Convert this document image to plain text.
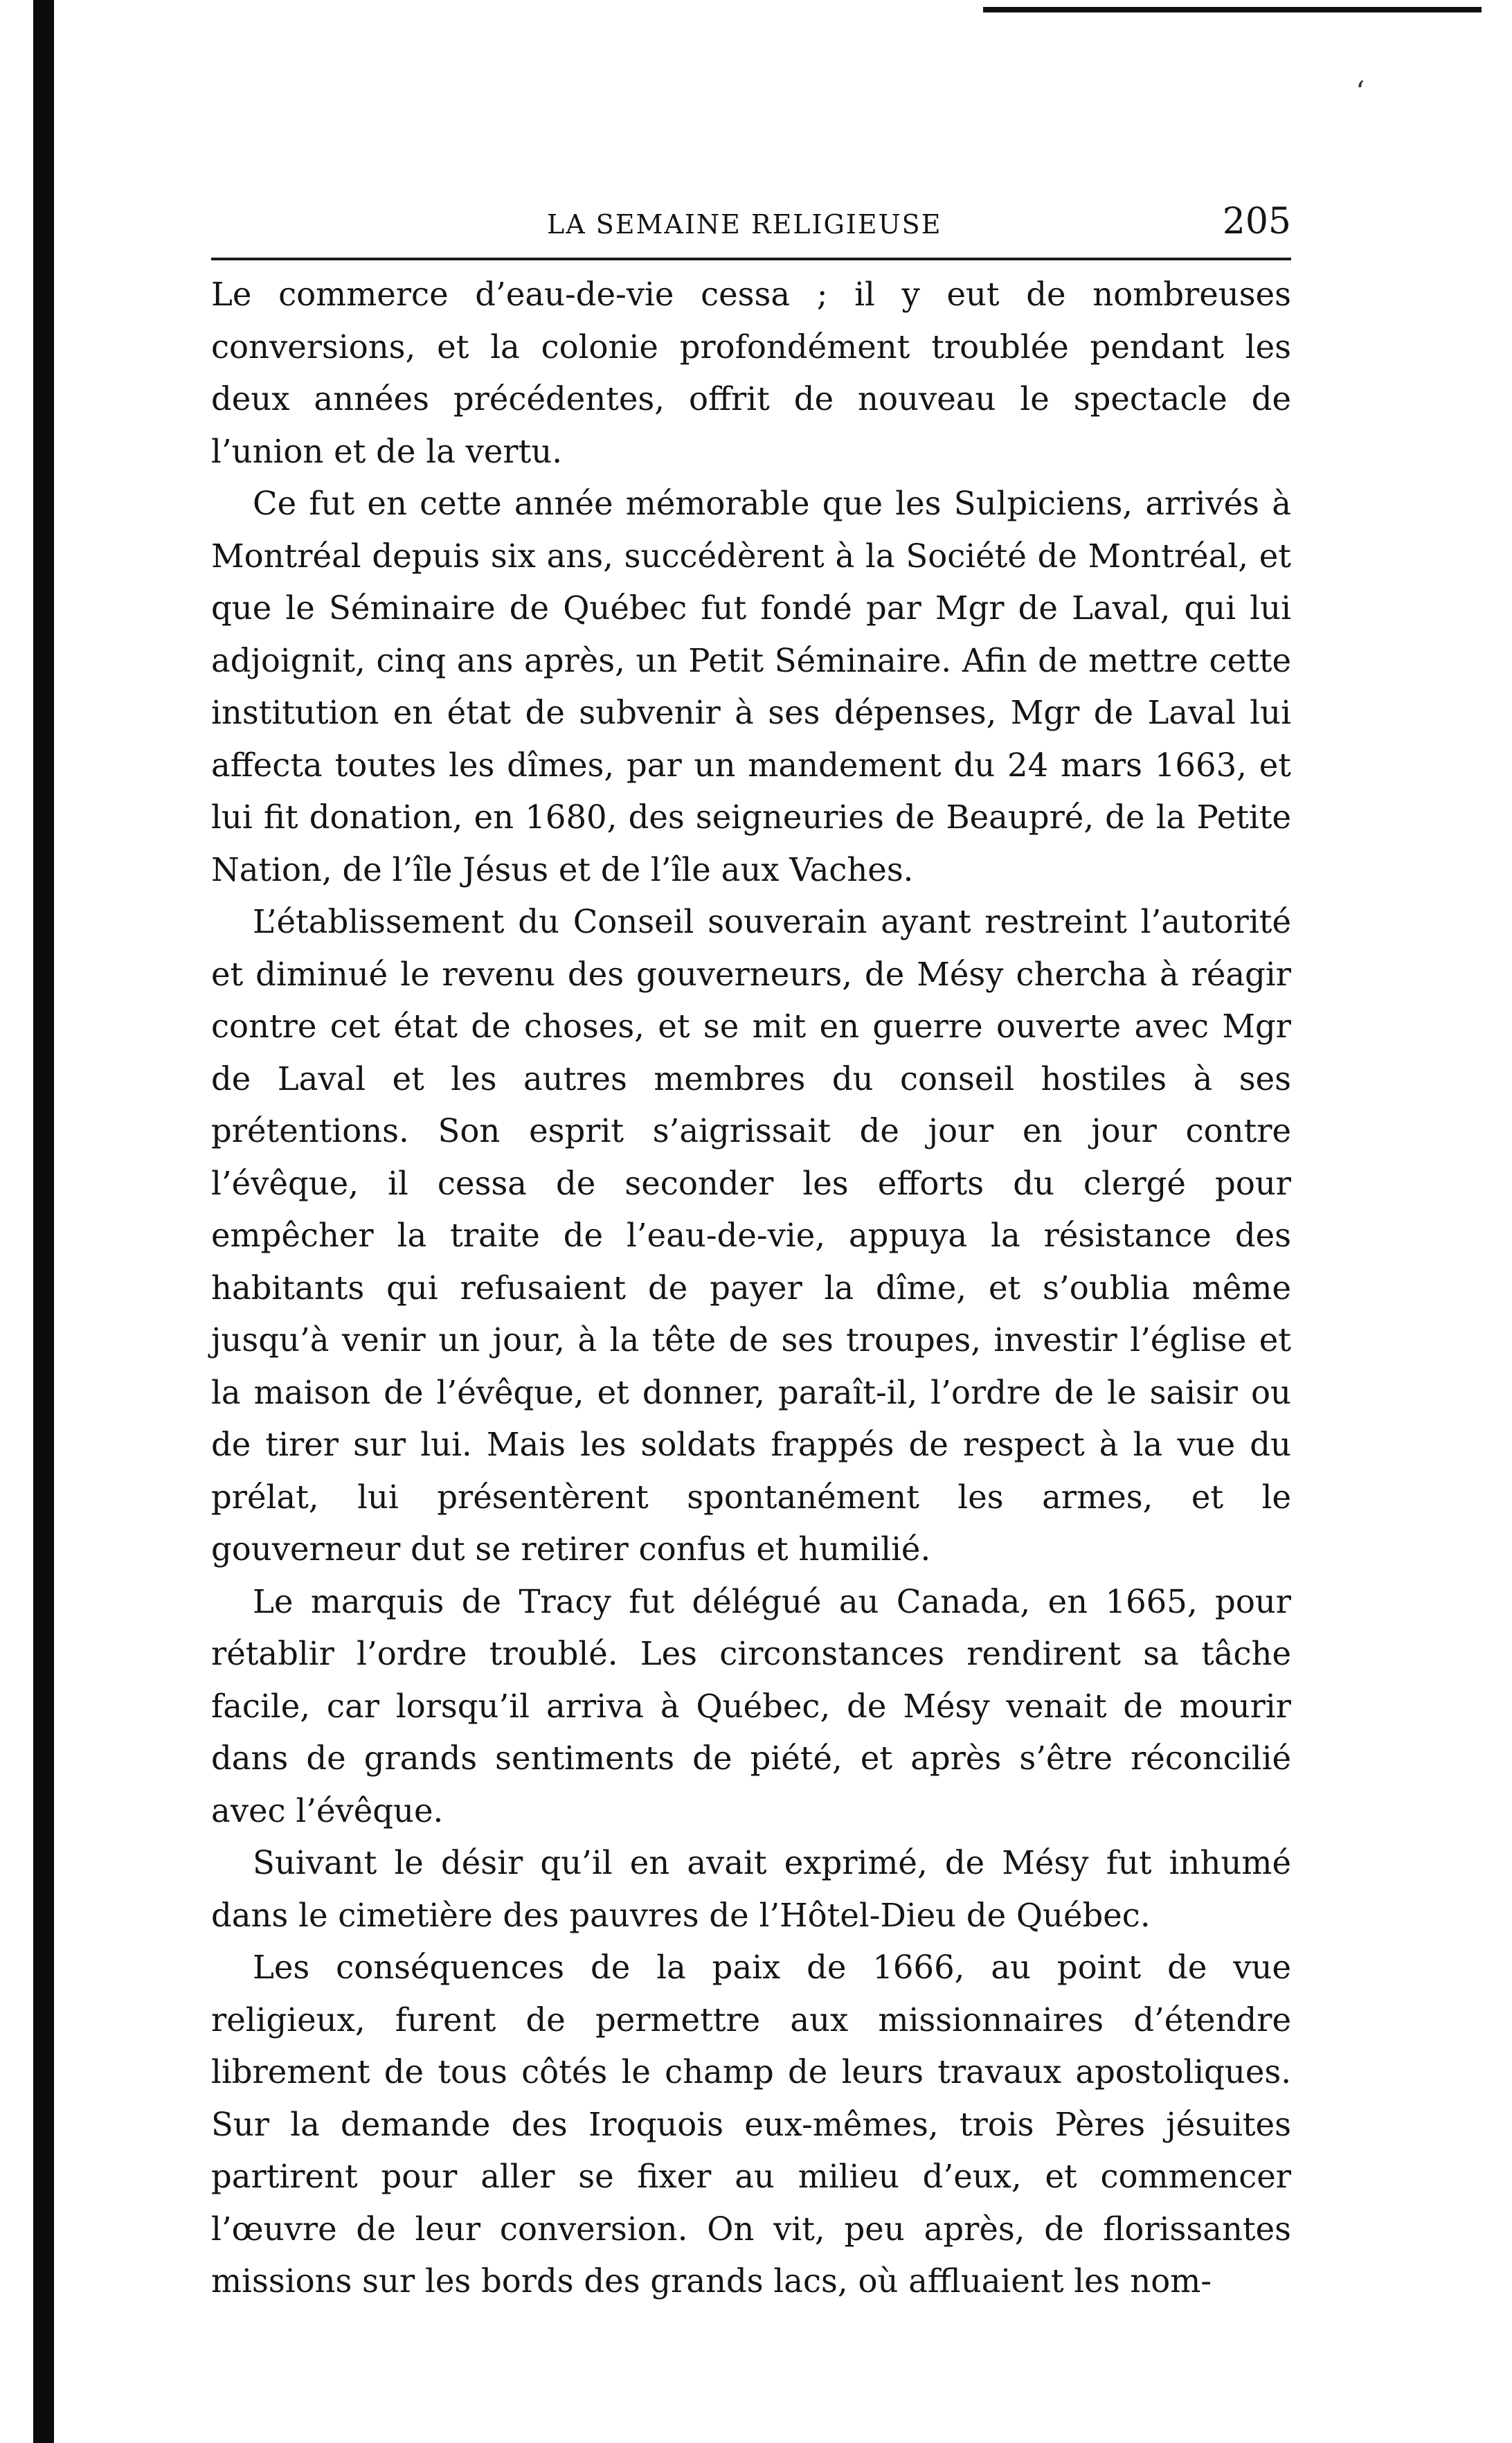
‘
LA SEMAINE RELIGIEUSE	205

Le commerce d’eau-de-vie cessa ; il y eut de nombreuses conversions, et la colonie profondément troublée pendant les deux années précédentes, offrit de nouveau le spectacle de l’union et de la vertu.

Ce fut en cette année mémorable que les Sulpiciens, arrivés à Montréal depuis six ans, succédèrent à la Société de Montréal, et que le Séminaire de Québec fut fondé par Mgr de Laval, qui lui adjoignit, cinq ans après, un Petit Séminaire. Afin de mettre cette institution en état de subvenir à ses dépenses, Mgr de Laval lui affecta toutes les dîmes, par un mandement du 24 mars 1663, et lui fit donation, en 1680, des seigneuries de Beaupré, de la Petite Nation, de l’île Jésus et de l’île aux Vaches.

L’établissement du Conseil souverain ayant restreint l’autorité et diminué le revenu des gouverneurs, de Mésy chercha à réagir contre cet état de choses, et se mit en guerre ouverte avec Mgr de Laval et les autres membres du conseil hostiles à ses prétentions. Son esprit s’aigrissait de jour en jour contre l’évêque, il cessa de seconder les efforts du clergé pour empêcher la traite de l’eau-de-vie, appuya la résistance des habitants qui refusaient de payer la dîme, et s’oublia même jusqu’à venir un jour, à la tête de ses troupes, investir l’église et la maison de l’évêque, et donner, paraît-il, l’ordre de le saisir ou de tirer sur lui. Mais les soldats frappés de respect à la vue du prélat, lui présentèrent spontanément les armes, et le gouverneur dut se retirer confus et humilié.

Le marquis de Tracy fut délégué au Canada, en 1665, pour rétablir l’ordre troublé. Les circonstances rendirent sa tâche facile, car lorsqu’il arriva à Québec, de Mésy venait de mourir dans de grands sentiments de piété, et après s’être réconcilié avec l’évêque.

Suivant le désir qu’il en avait exprimé, de Mésy fut inhumé dans le cimetière des pauvres de l’Hôtel-Dieu de Québec.

Les conséquences de la paix de 1666, au point de vue religieux, furent de permettre aux missionnaires d’étendre librement de tous côtés le champ de leurs travaux apostoliques. Sur la demande des Iroquois eux-mêmes, trois Pères jésuites partirent pour aller se fixer au milieu d’eux, et commencer l’œuvre de leur conversion. On vit, peu après, de florissantes missions sur les bords des grands lacs, où affluaient les nom-
